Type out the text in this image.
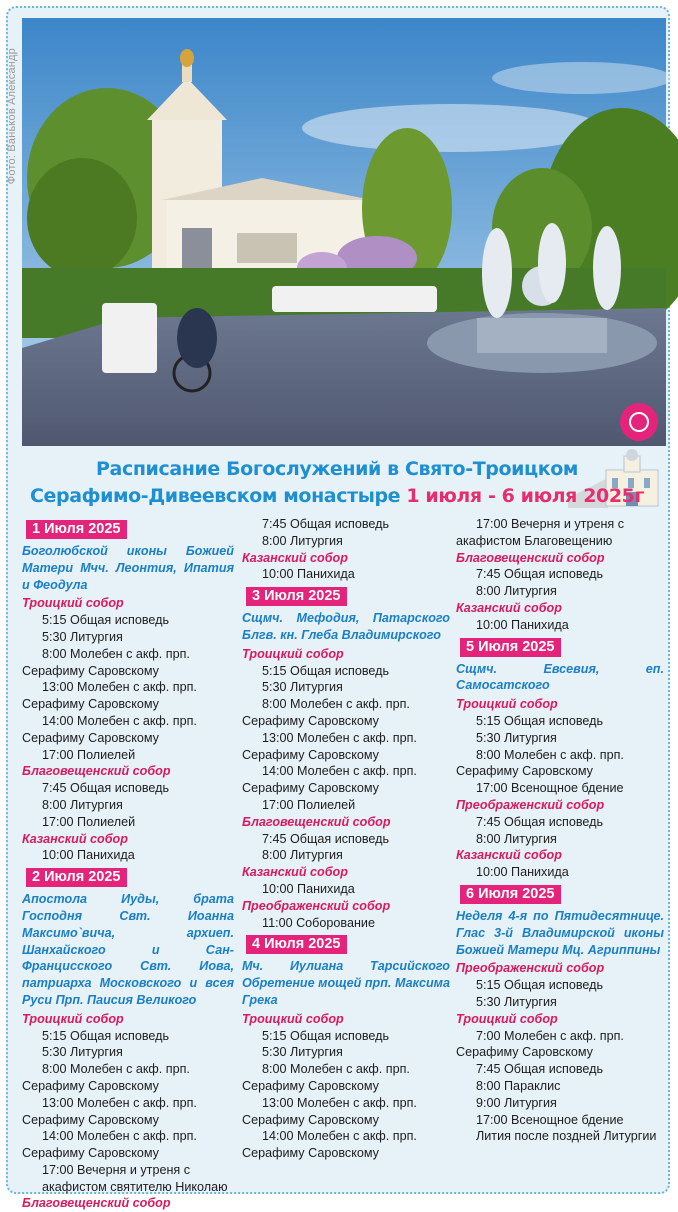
Фото: Ваньков Александр
Расписание Богослужений в Свято-Троицком
Серафимо-Дивеевском монастыре 1 июля - 6 июля 2025г
1 Июля 2025
Боголюбской иконы Божией Матери Мчч. Леонтия, Ипатия и Феодула
Троицкий собор
5:15 Общая исповедь
5:30 Литургия
8:00 Молебен с акф. прп.
Серафиму Саровскому
13:00 Молебен с акф. прп.
Серафиму Саровскому
14:00 Молебен с акф. прп.
Серафиму Саровскому
17:00 Полиелей
Благовещенский собор
7:45 Общая исповедь
8:00 Литургия
17:00 Полиелей
Казанский собор
10:00 Панихида
2 Июля 2025
Апостола Иуды, брата Господня Свт. Иоанна Максимо`вича, архиеп. Шанхайского и Сан-Францисского Свт. Иова, патриарха Московского и всея Руси Прп. Паисия Великого
Троицкий собор
5:15 Общая исповедь
5:30 Литургия
8:00 Молебен с акф. прп.
Серафиму Саровскому
13:00 Молебен с акф. прп.
Серафиму Саровскому
14:00 Молебен с акф. прп.
Серафиму Саровскому
17:00 Вечерня и утреня с акафистом святителю Николаю
Благовещенский собор
7:45 Общая исповедь
8:00 Литургия
Казанский собор
10:00 Панихида
3 Июля 2025
Сщмч. Мефодия, Патарского Блгв. кн. Глеба Владимирского
Троицкий собор
5:15 Общая исповедь
5:30 Литургия
8:00 Молебен с акф. прп.
Серафиму Саровскому
13:00 Молебен с акф. прп.
Серафиму Саровскому
14:00 Молебен с акф. прп.
Серафиму Саровскому
17:00 Полиелей
Благовещенский собор
7:45 Общая исповедь
8:00 Литургия
Казанский собор
10:00 Панихида
Преображенский собор
11:00 Соборование
4 Июля 2025
Мч. Иулиана Тарсийского Обретение мощей прп. Максима Грека
Троицкий собор
5:15 Общая исповедь
5:30 Литургия
8:00 Молебен с акф. прп.
Серафиму Саровскому
13:00 Молебен с акф. прп.
Серафиму Саровскому
14:00 Молебен с акф. прп.
Серафиму Саровскому
17:00 Вечерня и утреня с
акафистом Благовещению
Благовещенский собор
7:45 Общая исповедь
8:00 Литургия
Казанский собор
10:00 Панихида
5 Июля 2025
Сщмч. Евсевия, еп. Самосатского
Троицкий собор
5:15 Общая исповедь
5:30 Литургия
8:00 Молебен с акф. прп.
Серафиму Саровскому
17:00 Всенощное бдение
Преображенский собор
7:45 Общая исповедь
8:00 Литургия
Казанский собор
10:00 Панихида
6 Июля 2025
Неделя 4-я по Пятидесятнице. Глас 3-й Владимирской иконы Божией Матери Мц. Агриппины
Преображенский собор
5:15 Общая исповедь
5:30 Литургия
Троицкий собор
7:00 Молебен с акф. прп.
Серафиму Саровскому
7:45 Общая исповедь
8:00 Параклис
9:00 Литургия
17:00 Всенощное бдение
Лития после поздней Литургии
